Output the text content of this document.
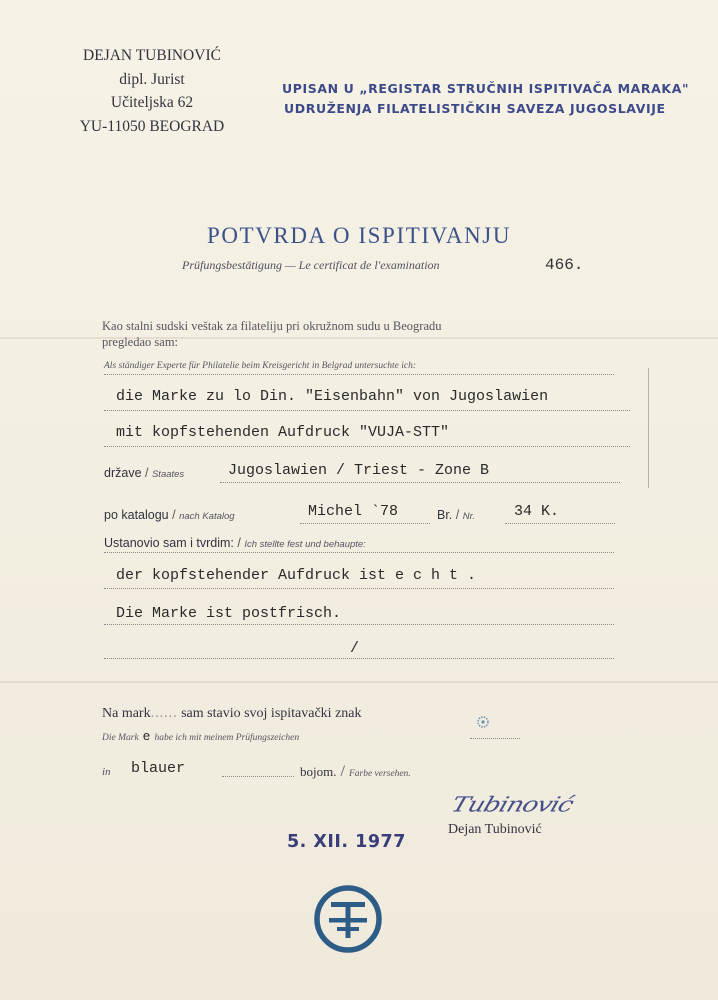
DEJAN TUBINOVIĆ
dipl. Jurist
Učiteljska 62
YU-11050 BEOGRAD
UPISAN U „REGISTAR STRUČNIH ISPITIVAČA MARAKA"
UDRUŽENJA FILATELISTIČKIH SAVEZA JUGOSLAVIJE
POTVRDA O ISPITIVANJU
Prüfungsbestätigung — Le certificat de l'examination	466.
Kao stalni sudski veštak za filateliju pri okružnom sudu u Beogradu
pregledao sam:
Als ständiger Experte für Philatelie beim Kreisgericht in Belgrad untersuchte ich:
die Marke zu lo Din. "Eisenbahn" von Jugoslawien
mit kopfstehenden Aufdruck "VUJA-STT"
države / Staates	Jugoslawien / Triest - Zone B
po katalogu / nach Katalog	Michel `78	Br. / Nr.	34 K.
Ustanovio sam i tvrdim: / Ich stellte fest und behaupte:
der kopfstehender Aufdruck ist e c h t .
Die Marke ist postfrisch.
/
Na mark...... sam stavio svoj ispitavački znak
Die Mark e habe ich mit meinem Prüfungszeichen
in blauer	bojom. / Farbe versehen.
Tubinović
Dejan Tubinović
5. XII. 1977
